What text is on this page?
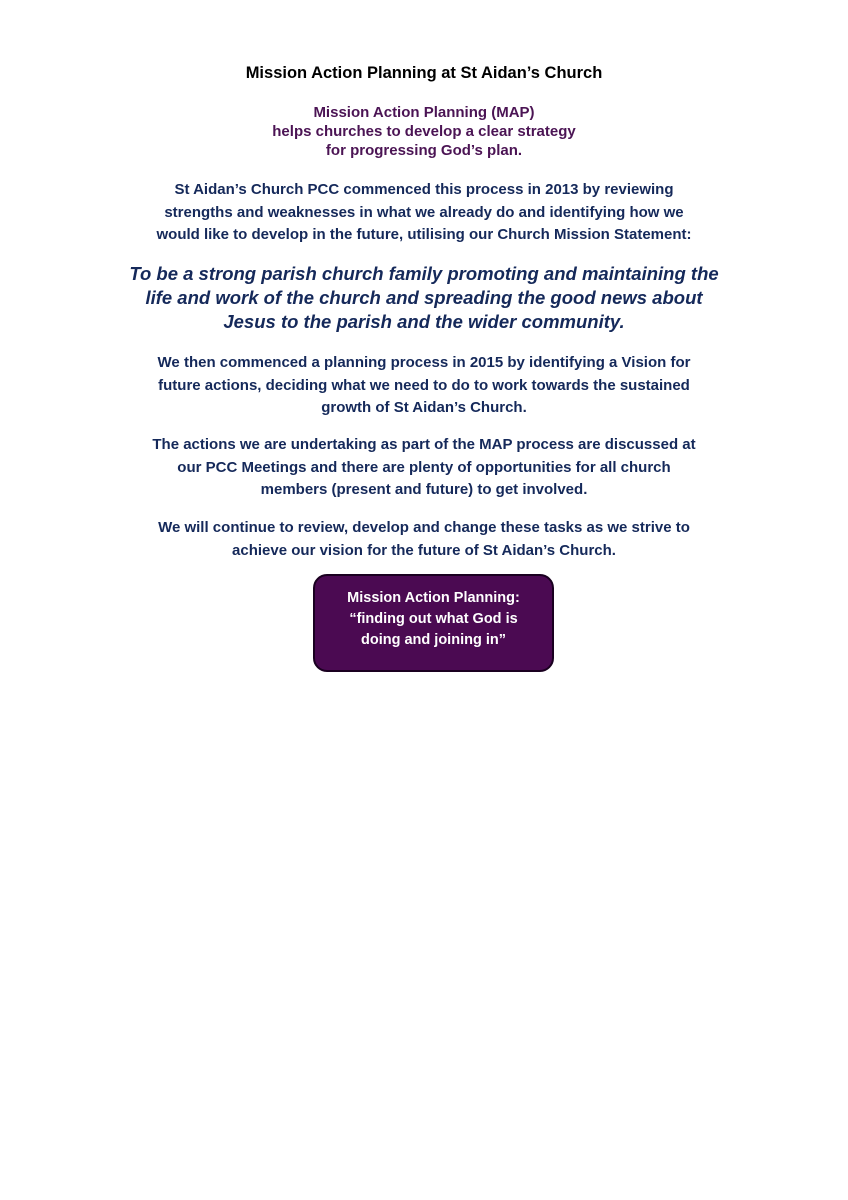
Mission Action Planning at St Aidan’s Church
Mission Action Planning (MAP)
helps churches to develop a clear strategy
for progressing God’s plan.
St Aidan’s Church PCC commenced this process in 2013 by reviewing
strengths and weaknesses in what we already do and identifying how we
would like to develop in the future, utilising our Church Mission Statement:
To be a strong parish church family promoting and maintaining the
life and work of the church and spreading the good news about
Jesus to the parish and the wider community.
We then commenced a planning process in 2015 by identifying a Vision for
future actions, deciding what we need to do to work towards the sustained
growth of St Aidan’s Church.
The actions we are undertaking as part of the MAP process are discussed at
our PCC Meetings and there are plenty of opportunities for all church
members (present and future) to get involved.
We will continue to review, develop and change these tasks as we strive to
achieve our vision for the future of St Aidan’s Church.
Mission Action Planning:
“finding out what God is
doing and joining in”
